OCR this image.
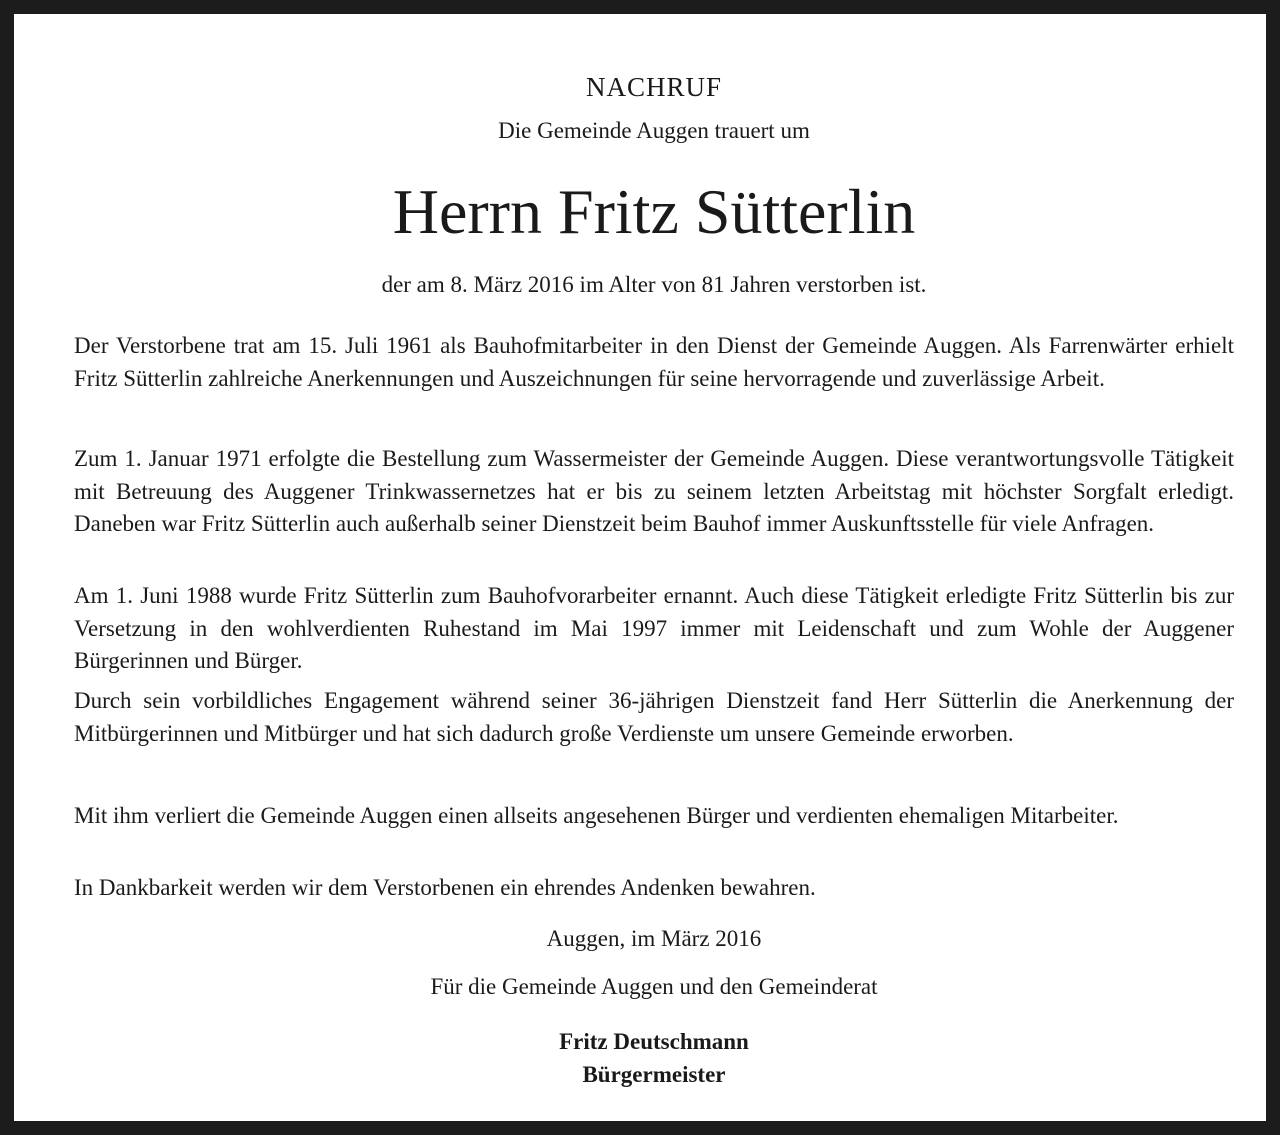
NACHRUF
Die Gemeinde Auggen trauert um
Herrn Fritz Sütterlin
der am 8. März 2016 im Alter von 81 Jahren verstorben ist.

Der Verstorbene trat am 15. Juli 1961 als Bauhofmitarbeiter in den Dienst der Gemeinde Auggen. Als Farrenwärter erhielt Fritz Sütterlin zahlreiche Anerkennungen und Auszeichnungen für seine hervorragende und zuverlässige Arbeit.

Zum 1. Januar 1971 erfolgte die Bestellung zum Wassermeister der Gemeinde Auggen. Diese verantwortungsvolle Tätigkeit mit Betreuung des Auggener Trinkwassernetzes hat er bis zu seinem letzten Arbeitstag mit höchster Sorgfalt erledigt. Daneben war Fritz Sütterlin auch außerhalb seiner Dienstzeit beim Bauhof immer Auskunftsstelle für viele Anfragen.

Am 1. Juni 1988 wurde Fritz Sütterlin zum Bauhofvorarbeiter ernannt. Auch diese Tätigkeit erledigte Fritz Sütterlin bis zur Versetzung in den wohlverdienten Ruhestand im Mai 1997 immer mit Leidenschaft und zum Wohle der Auggener Bürgerinnen und Bürger.

Durch sein vorbildliches Engagement während seiner 36-jährigen Dienstzeit fand Herr Sütterlin die Anerkennung der Mitbürgerinnen und Mitbürger und hat sich dadurch große Verdienste um unsere Gemeinde erworben.

Mit ihm verliert die Gemeinde Auggen einen allseits angesehenen Bürger und verdienten ehemaligen Mitarbeiter.

In Dankbarkeit werden wir dem Verstorbenen ein ehrendes Andenken bewahren.

Auggen, im März 2016
Für die Gemeinde Auggen und den Gemeinderat
Fritz Deutschmann
Bürgermeister
